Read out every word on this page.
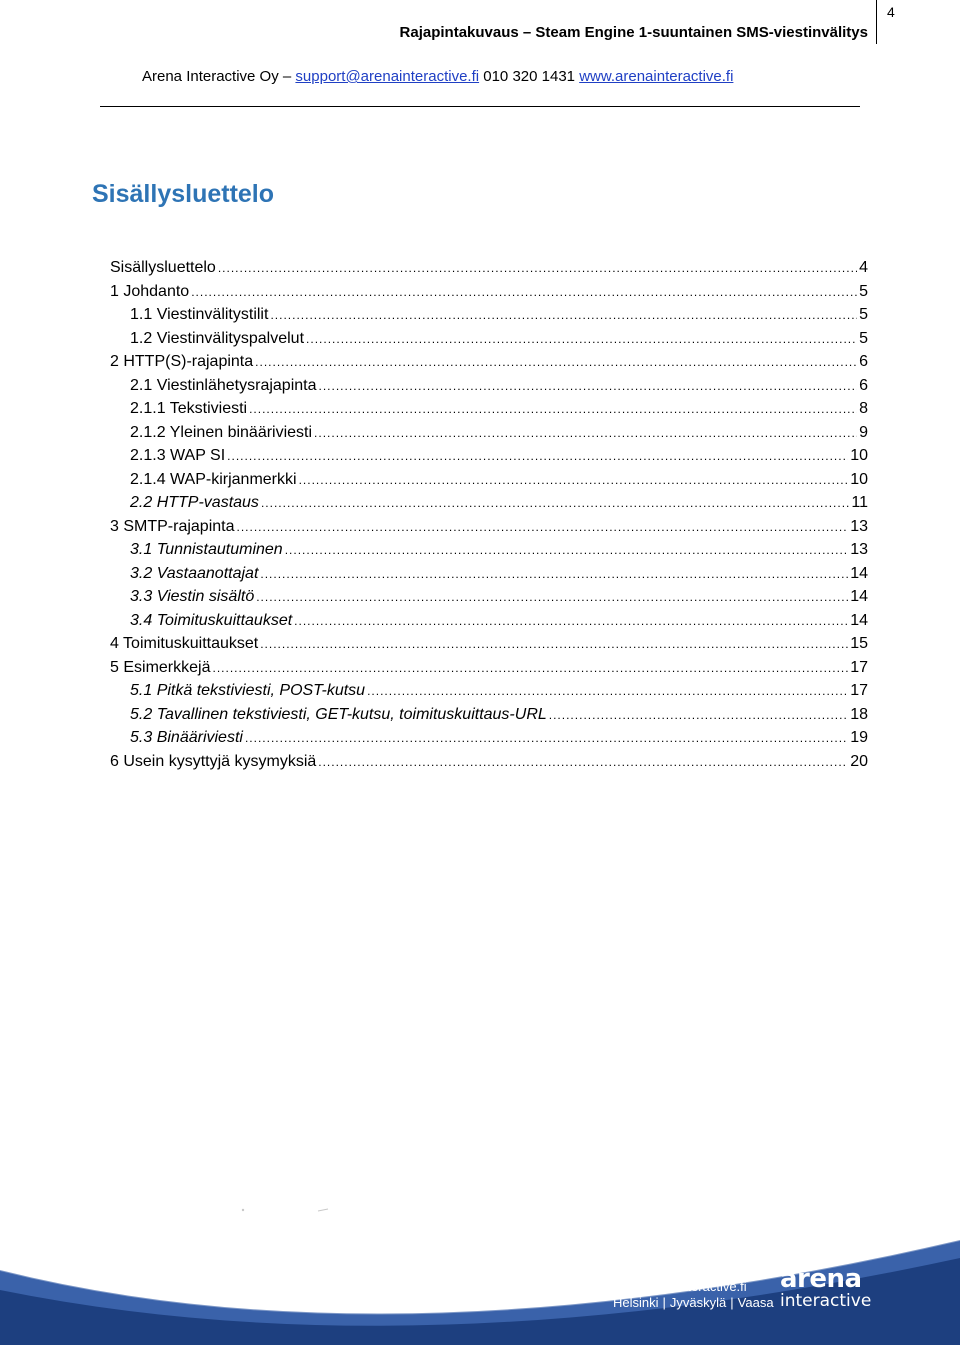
4
Rajapintakuvaus – Steam Engine 1-suuntainen SMS-viestinvälitys
Arena Interactive Oy – support@arenainteractive.fi 010 320 1431 www.arenainteractive.fi
Sisällysluettelo
Sisällysluettelo .....	4
1 Johdanto .....	5
1.1 Viestinvälitystilit .....	5
1.2 Viestinvälityspalvelut .....	5
2 HTTP(S)-rajapinta .....	6
2.1 Viestinlähetysrajapinta .....	6
2.1.1 Tekstiviesti .....	8
2.1.2 Yleinen binääriviesti .....	9
2.1.3 WAP SI .....	10
2.1.4 WAP-kirjanmerkki .....	10
2.2 HTTP-vastaus .....	11
3 SMTP-rajapinta .....	13
3.1 Tunnistautuminen .....	13
3.2 Vastaanottajat .....	14
3.3 Viestin sisältö .....	14
3.4 Toimituskuittaukset .....	14
4 Toimituskuittaukset .....	15
5 Esimerkkejä .....	17
5.1 Pitkä tekstiviesti, POST-kutsu .....	17
5.2 Tavallinen tekstiviesti, GET-kutsu, toimituskuittaus-URL .....	18
5.3 Binääriviesti .....	19
6 Usein kysyttyjä kysymyksiä .....	20
Arena Interactive Oy
www.arenainteractive.fi
Helsinki | Jyväskylä | Vaasa
arena
interactive
